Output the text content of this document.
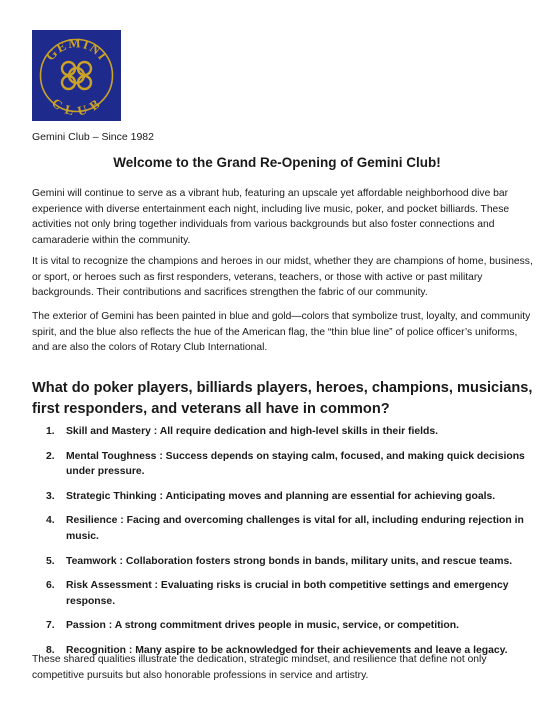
GEMINI
CLUB
Gemini Club – Since 1982
Welcome to the Grand Re-Opening of Gemini Club!

Gemini will continue to serve as a vibrant hub, featuring an upscale yet affordable neighborhood dive bar experience with diverse entertainment each night, including live music, poker, and pocket billiards. These activities not only bring together individuals from various backgrounds but also foster connections and camaraderie within the community.

It is vital to recognize the champions and heroes in our midst, whether they are champions of home, business, or sport, or heroes such as first responders, veterans, teachers, or those with active or past military backgrounds. Their contributions and sacrifices strengthen the fabric of our community.

The exterior of Gemini has been painted in blue and gold—colors that symbolize trust, loyalty, and community spirit, and the blue also reflects the hue of the American flag, the “thin blue line” of police officer’s uniforms, and are also the colors of Rotary Club International.

What do poker players, billiards players, heroes, champions, musicians, first responders, and veterans all have in common?
1. Skill and Mastery : All require dedication and high-level skills in their fields.
2. Mental Toughness : Success depends on staying calm, focused, and making quick decisions under pressure.
3. Strategic Thinking : Anticipating moves and planning are essential for achieving goals.
4. Resilience : Facing and overcoming challenges is vital for all, including enduring rejection in music.
5. Teamwork : Collaboration fosters strong bonds in bands, military units, and rescue teams.
6. Risk Assessment : Evaluating risks is crucial in both competitive settings and emergency response.
7. Passion : A strong commitment drives people in music, service, or competition.
8. Recognition : Many aspire to be acknowledged for their achievements and leave a legacy.

These shared qualities illustrate the dedication, strategic mindset, and resilience that define not only competitive pursuits but also honorable professions in service and artistry.
